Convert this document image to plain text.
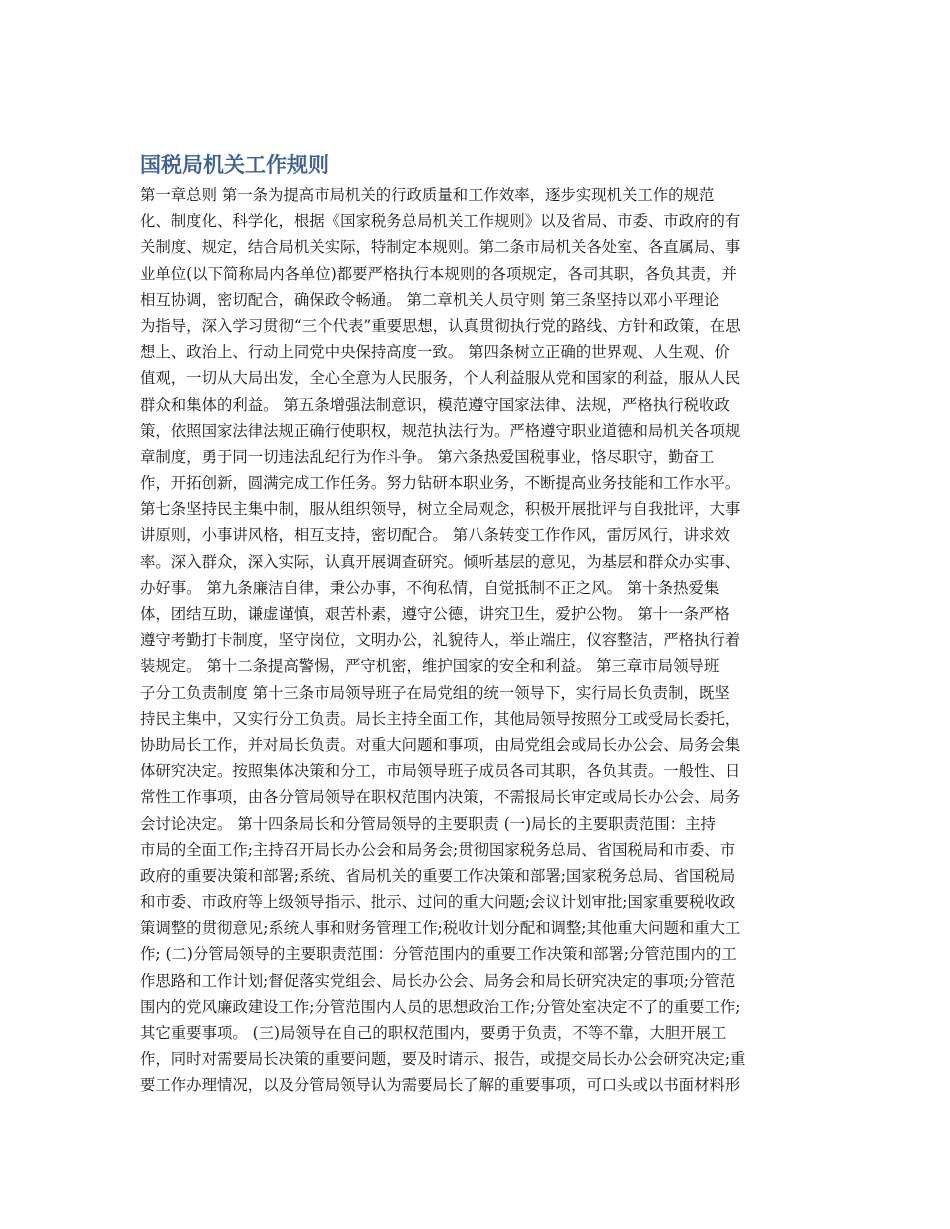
国税局机关工作规则
第一章总则 第一条为提高市局机关的行政质量和工作效率，逐步实现机关工作的规范
化、制度化、科学化，根据《国家税务总局机关工作规则》以及省局、市委、市政府的有
关制度、规定，结合局机关实际，特制定本规则。第二条市局机关各处室、各直属局、事
业单位(以下简称局内各单位)都要严格执行本规则的各项规定，各司其职，各负其责，并
相互协调，密切配合，确保政令畅通。 第二章机关人员守则 第三条坚持以邓小平理论
为指导，深入学习贯彻“三个代表”重要思想，认真贯彻执行党的路线、方针和政策，在思
想上、政治上、行动上同党中央保持高度一致。 第四条树立正确的世界观、人生观、价
值观，一切从大局出发，全心全意为人民服务，个人利益服从党和国家的利益，服从人民
群众和集体的利益。 第五条增强法制意识，模范遵守国家法律、法规，严格执行税收政
策，依照国家法律法规正确行使职权，规范执法行为。严格遵守职业道德和局机关各项规
章制度，勇于同一切违法乱纪行为作斗争。 第六条热爱国税事业，恪尽职守，勤奋工
作，开拓创新，圆满完成工作任务。努力钻研本职业务，不断提高业务技能和工作水平。
第七条坚持民主集中制，服从组织领导，树立全局观念，积极开展批评与自我批评，大事
讲原则，小事讲风格，相互支持，密切配合。 第八条转变工作作风，雷厉风行，讲求效
率。深入群众，深入实际，认真开展调查研究。倾听基层的意见，为基层和群众办实事、
办好事。 第九条廉洁自律，秉公办事，不徇私情，自觉抵制不正之风。 第十条热爱集
体，团结互助，谦虚谨慎，艰苦朴素，遵守公德，讲究卫生，爱护公物。 第十一条严格
遵守考勤打卡制度，坚守岗位，文明办公，礼貌待人，举止端庄，仪容整洁，严格执行着
装规定。 第十二条提高警惕，严守机密，维护国家的安全和利益。 第三章市局领导班
子分工负责制度 第十三条市局领导班子在局党组的统一领导下，实行局长负责制，既坚
持民主集中，又实行分工负责。局长主持全面工作，其他局领导按照分工或受局长委托，
协助局长工作，并对局长负责。对重大问题和事项，由局党组会或局长办公会、局务会集
体研究决定。按照集体决策和分工，市局领导班子成员各司其职，各负其责。一般性、日
常性工作事项，由各分管局领导在职权范围内决策，不需报局长审定或局长办公会、局务
会讨论决定。 第十四条局长和分管局领导的主要职责 (一)局长的主要职责范围：主持
市局的全面工作;主持召开局长办公会和局务会;贯彻国家税务总局、省国税局和市委、市
政府的重要决策和部署;系统、省局机关的重要工作决策和部署;国家税务总局、省国税局
和市委、市政府等上级领导指示、批示、过问的重大问题;会议计划审批;国家重要税收政
策调整的贯彻意见;系统人事和财务管理工作;税收计划分配和调整;其他重大问题和重大工
作; (二)分管局领导的主要职责范围：分管范围内的重要工作决策和部署;分管范围内的工
作思路和工作计划;督促落实党组会、局长办公会、局务会和局长研究决定的事项;分管范
围内的党风廉政建设工作;分管范围内人员的思想政治工作;分管处室决定不了的重要工作;
其它重要事项。 (三)局领导在自己的职权范围内，要勇于负责，不等不靠，大胆开展工
作，同时对需要局长决策的重要问题，要及时请示、报告，或提交局长办公会研究决定;重
要工作办理情况，以及分管局领导认为需要局长了解的重要事项，可口头或以书面材料形
